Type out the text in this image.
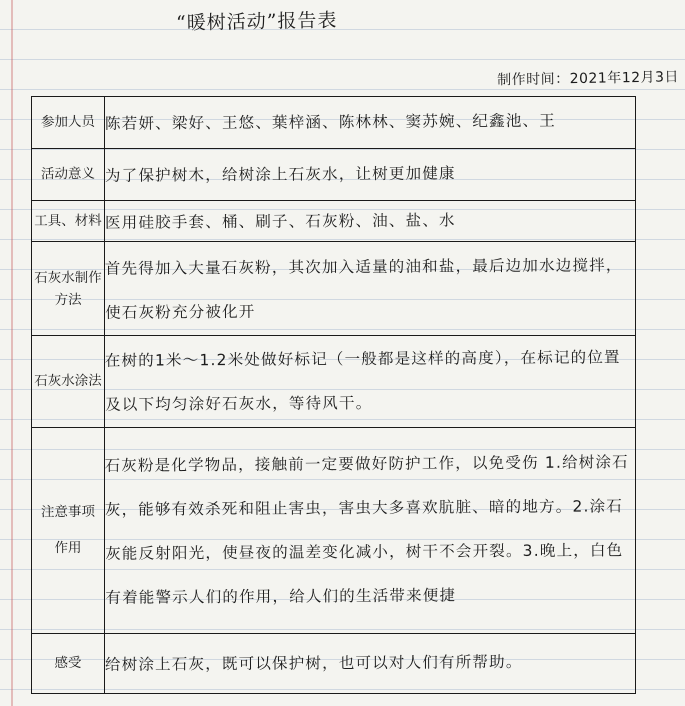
“暖树活动”报告表
制作时间：2021年12月3日
参加人员	陈若妍、梁好、王悠、葉梓涵、陈林林、窦苏婉、纪鑫池、王

活动意义	为了保护树木，给树涂上石灰水，让树更加健康

工具、材料	医用硅胶手套、桶、刷子、石灰粉、油、盐、水

石灰水制作方法	首先得加入大量石灰粉，其次加入适量的油和盐，最后边加水边搅拌，使石灰粉充分被化开

石灰水涂法	在树的1米～1.2米处做好标记（一般都是这样的高度），在标记的位置及以下均匀涂好石灰水，等待风干。

注意事项
作用	石灰粉是化学物品，接触前一定要做好防护工作，以免受伤 1.给树涂石灰，能够有效杀死和阻止害虫，害虫大多喜欢肮脏、暗的地方。2.涂石灰能反射阳光，使昼夜的温差变化减小，树干不会开裂。3.晚上，白色有着能警示人们的作用，给人们的生活带来便捷

感受	给树涂上石灰，既可以保护树，也可以对人们有所帮助。
